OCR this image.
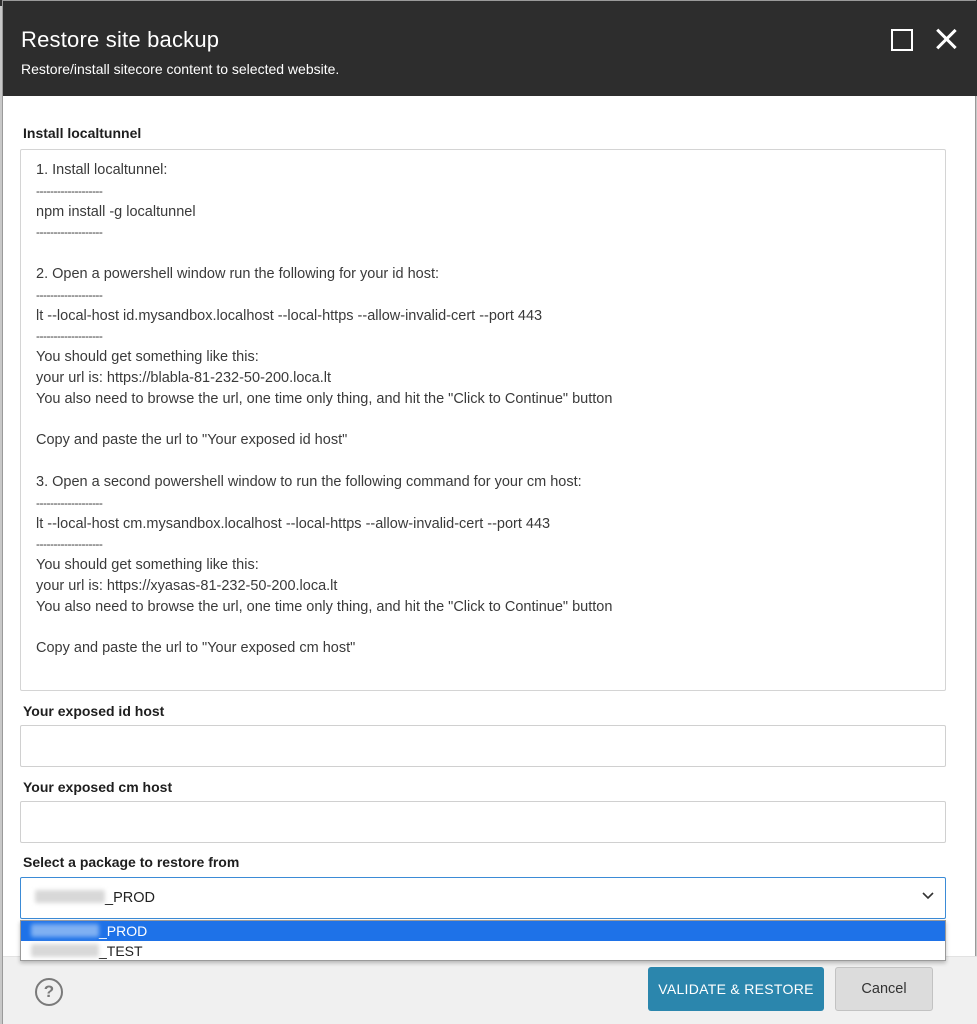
Restore site backup
Restore/install sitecore content to selected website.
Install localtunnel
1. Install localtunnel:
-------------------
npm install -g localtunnel
-------------------
2. Open a powershell window run the following for your id host:
-------------------
lt --local-host id.mysandbox.localhost --local-https --allow-invalid-cert --port 443
-------------------
You should get something like this:
your url is: https://blabla-81-232-50-200.loca.lt
You also need to browse the url, one time only thing, and hit the "Click to Continue" button
Copy and paste the url to "Your exposed id host"
3. Open a second powershell window to run the following command for your cm host:
-------------------
lt --local-host cm.mysandbox.localhost --local-https --allow-invalid-cert --port 443
-------------------
You should get something like this:
your url is: https://xyasas-81-232-50-200.loca.lt
You also need to browse the url, one time only thing, and hit the "Click to Continue" button
Copy and paste the url to "Your exposed cm host"
Your exposed id host
Your exposed cm host
Select a package to restore from
_PROD
?	VALIDATE & RESTORE	Cancel
_PROD
_TEST
